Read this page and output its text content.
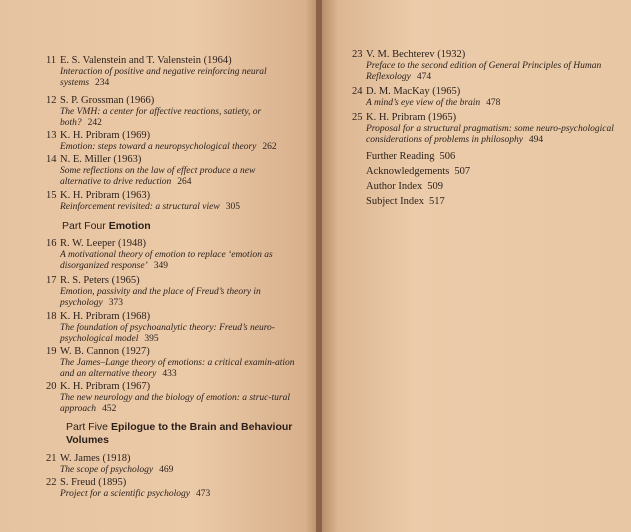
11 E. S. Valenstein and T. Valenstein (1964)
Interaction of positive and negative reinforcing neural systems 234
12 S. P. Grossman (1966)
The VMH: a center for affective reactions, satiety, or both? 242
13 K. H. Pribram (1969)
Emotion: steps toward a neuropsychological theory 262
14 N. E. Miller (1963)
Some reflections on the law of effect produce a new alternative to drive reduction 264
15 K. H. Pribram (1963)
Reinforcement revisited: a structural view 305
Part Four Emotion
16 R. W. Leeper (1948)
A motivational theory of emotion to replace ‘emotion as disorganized response’ 349
17 R. S. Peters (1965)
Emotion, passivity and the place of Freud’s theory in psychology 373
18 K. H. Pribram (1968)
The foundation of psychoanalytic theory: Freud’s neuro-psychological model 395
19 W. B. Cannon (1927)
The James–Lange theory of emotions: a critical examin-ation and an alternative theory 433
20 K. H. Pribram (1967)
The new neurology and the biology of emotion: a struc-tural approach 452
Part Five Epilogue to the Brain and Behaviour Volumes
21 W. James (1918)
The scope of psychology 469
22 S. Freud (1895)
Project for a scientific psychology 473
23 V. M. Bechterev (1932)
Preface to the second edition of General Principles of Human Reflexology 474
24 D. M. MacKay (1965)
A mind’s eye view of the brain 478
25 K. H. Pribram (1965)
Proposal for a structural pragmatism: some neuro-psychological considerations of problems in philosophy 494
Further Reading 506
Acknowledgements 507
Author Index 509
Subject Index 517
